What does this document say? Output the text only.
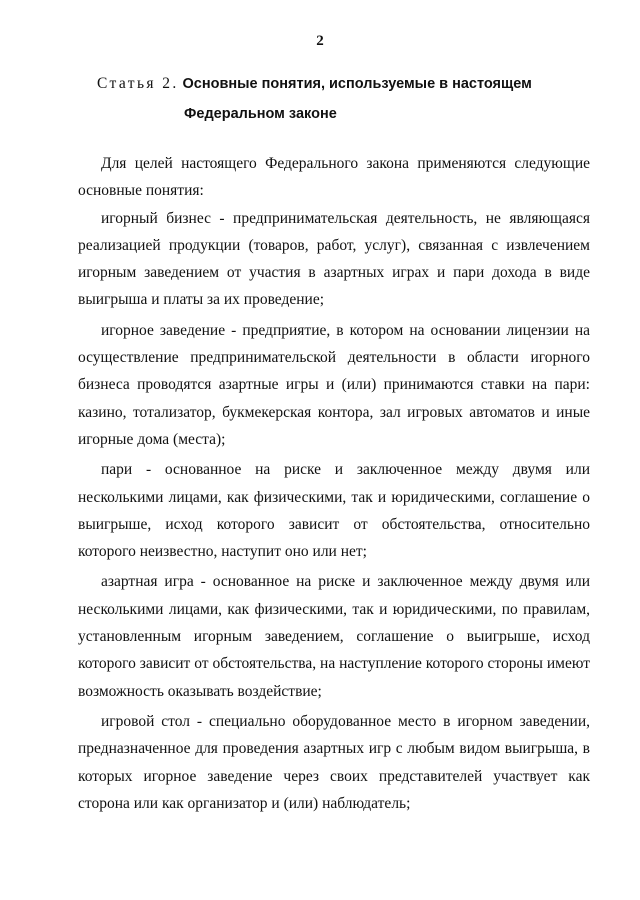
2
Статья 2. Основные понятия, используемые в настоящем
Федеральном законе

Для целей настоящего Федерального закона применяются следующие основные понятия:

игорный бизнес - предпринимательская деятельность, не являющаяся реализацией продукции (товаров, работ, услуг), связанная с извлечением игорным заведением от участия в азартных играх и пари дохода в виде выигрыша и платы за их проведение;

игорное заведение - предприятие, в котором на основании лицензии на осуществление предпринимательской деятельности в области игорного бизнеса проводятся азартные игры и (или) принимаются ставки на пари: казино, тотализатор, букмекерская контора, зал игровых автоматов и иные игорные дома (места);

пари - основанное на риске и заключенное между двумя или несколькими лицами, как физическими, так и юридическими, соглашение о выигрыше, исход которого зависит от обстоятельства, относительно которого неизвестно, наступит оно или нет;

азартная игра - основанное на риске и заключенное между двумя или несколькими лицами, как физическими, так и юридическими, по правилам, установленным игорным заведением, соглашение о выигрыше, исход которого зависит от обстоятельства, на наступление которого стороны имеют возможность оказывать воздействие;

игровой стол - специально оборудованное место в игорном заведении, предназначенное для проведения азартных игр с любым видом выигрыша, в которых игорное заведение через своих представителей участвует как сторона или как организатор и (или) наблюдатель;
